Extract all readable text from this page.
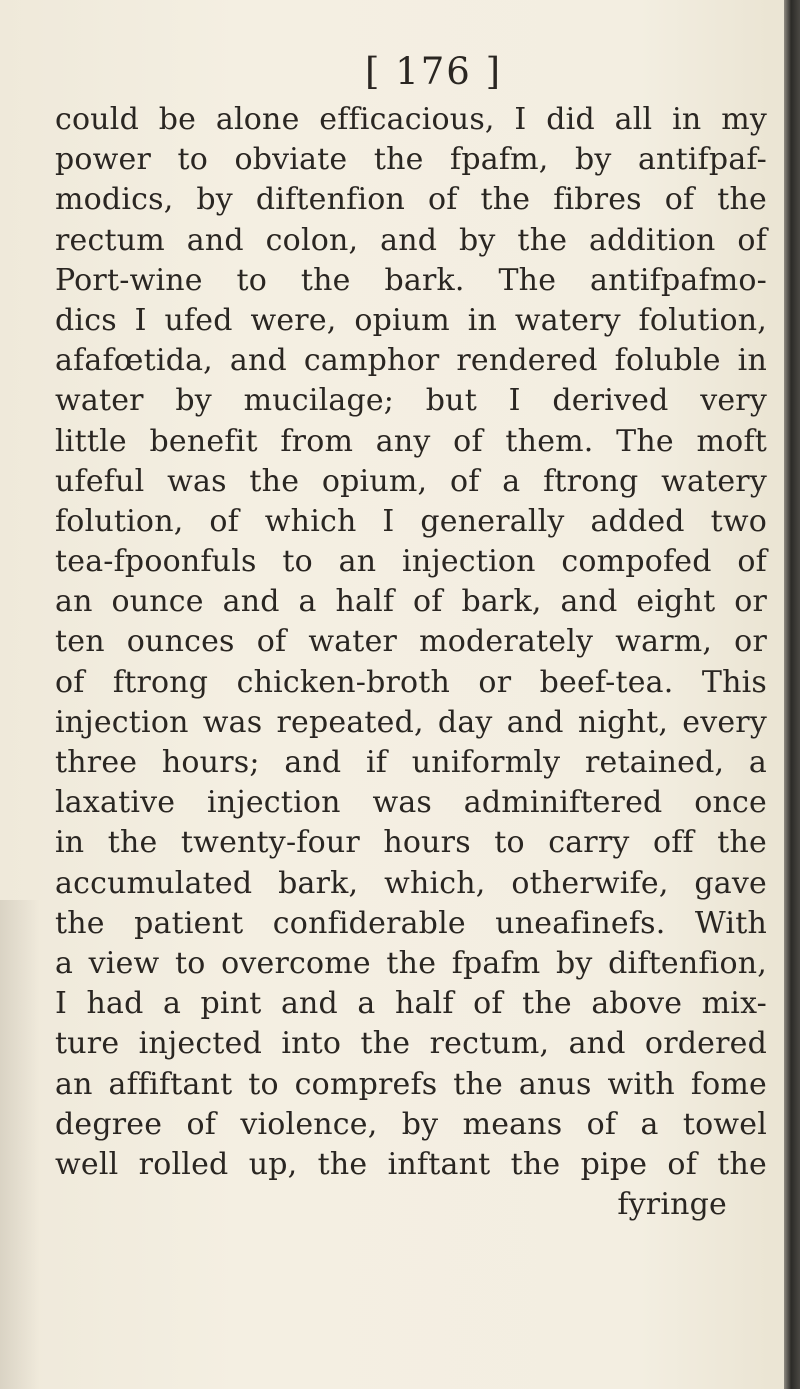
[ 176 ]
could be alone efficacious, I did all in my
power to obviate the fpafm, by antifpaf-
modics, by diftenfion of the fibres of the
rectum and colon, and by the addition of
Port-wine to the bark. The antifpafmo-
dics I ufed were, opium in watery folution,
afafœtida, and camphor rendered foluble in
water by mucilage; but I derived very
little benefit from any of them. The moft
ufeful was the opium, of a ftrong watery
folution, of which I generally added two
tea-fpoonfuls to an injection compofed of
an ounce and a half of bark, and eight or
ten ounces of water moderately warm, or
of ftrong chicken-broth or beef-tea. This
injection was repeated, day and night, every
three hours; and if uniformly retained, a
laxative injection was adminiftered once
in the twenty-four hours to carry off the
accumulated bark, which, otherwife, gave
the patient confiderable uneafinefs. With
a view to overcome the fpafm by diftenfion,
I had a pint and a half of the above mix-
ture injected into the rectum, and ordered
an affiftant to comprefs the anus with fome
degree of violence, by means of a towel
well rolled up, the inftant the pipe of the
fyringe
